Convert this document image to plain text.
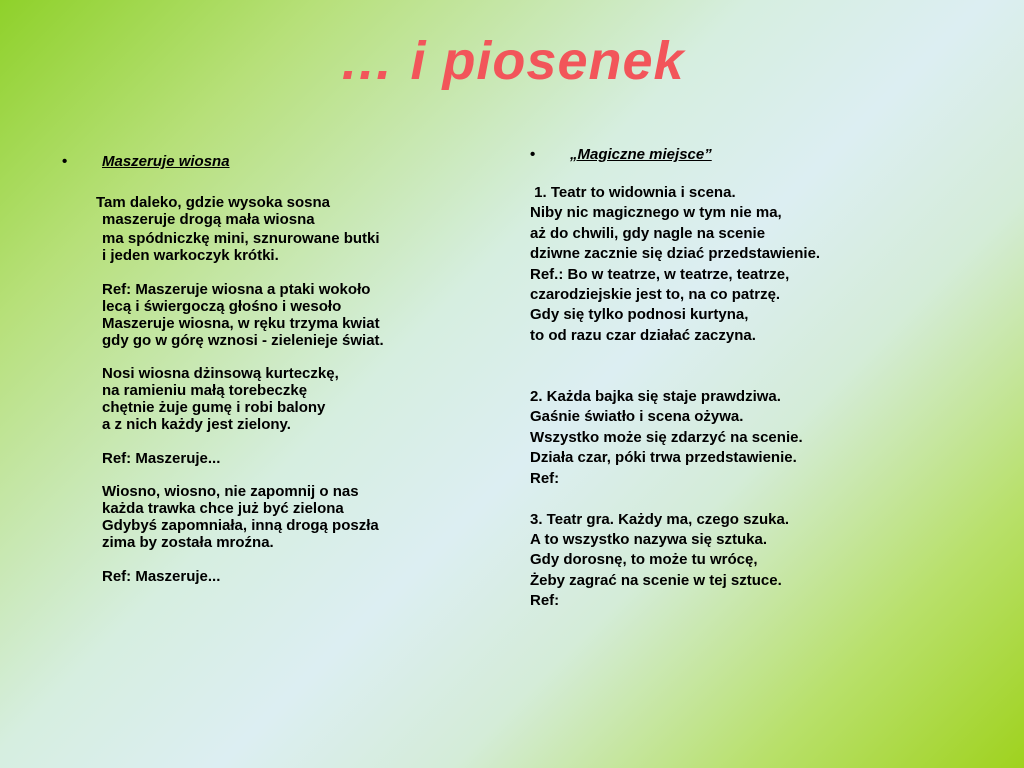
… i piosenek
•	Maszeruje wiosna
Tam daleko, gdzie wysoka sosna
maszeruje drogą mała wiosna
ma spódniczkę mini, sznurowane butki
i jeden warkoczyk krótki.
Ref: Maszeruje wiosna a ptaki wokoło
lecą i świergoczą głośno i wesoło
Maszeruje wiosna, w ręku trzyma kwiat
gdy go w górę wznosi - zielenieje świat.
Nosi wiosna dżinsową kurteczkę,
na ramieniu małą torebeczkę
chętnie żuje gumę i robi balony
a z nich każdy jest zielony.
Ref: Maszeruje...
Wiosno, wiosno, nie zapomnij o nas
każda trawka chce już być zielona
Gdybyś zapomniała, inną drogą poszła
zima by została mroźna.
Ref: Maszeruje...
•	„Magiczne miejsce”
1. Teatr to widownia i scena.
Niby nic magicznego w tym nie ma,
aż do chwili, gdy nagle na scenie
dziwne zacznie się dziać przedstawienie.
Ref.: Bo w teatrze, w teatrze, teatrze,
czarodziejskie jest to, na co patrzę.
Gdy się tylko podnosi kurtyna,
to od razu czar działać zaczyna.

2. Każda bajka się staje prawdziwa.
Gaśnie światło i scena ożywa.
Wszystko może się zdarzyć na scenie.
Działa czar, póki trwa przedstawienie.
Ref:

3. Teatr gra. Każdy ma, czego szuka.
A to wszystko nazywa się sztuka.
Gdy dorosnę, to może tu wrócę,
Żeby zagrać na scenie w tej sztuce.
Ref:
